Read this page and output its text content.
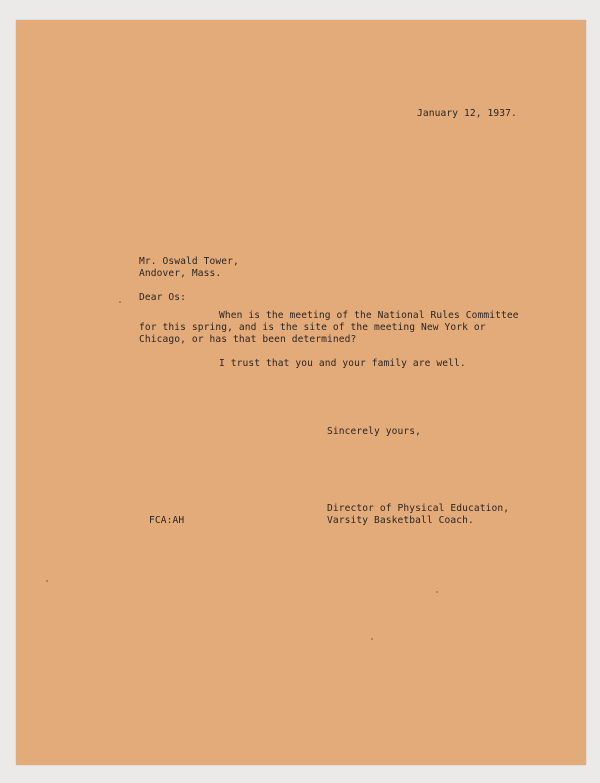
January 12, 1937.
Mr. Oswald Tower,
Andover, Mass.
Dear Os:
When is the meeting of the National Rules Committee
for this spring, and is the site of the meeting New York or
Chicago, or has that been determined?
I trust that you and your family are well.
Sincerely yours,
Director of Physical Education,
Varsity Basketball Coach.
FCA:AH
